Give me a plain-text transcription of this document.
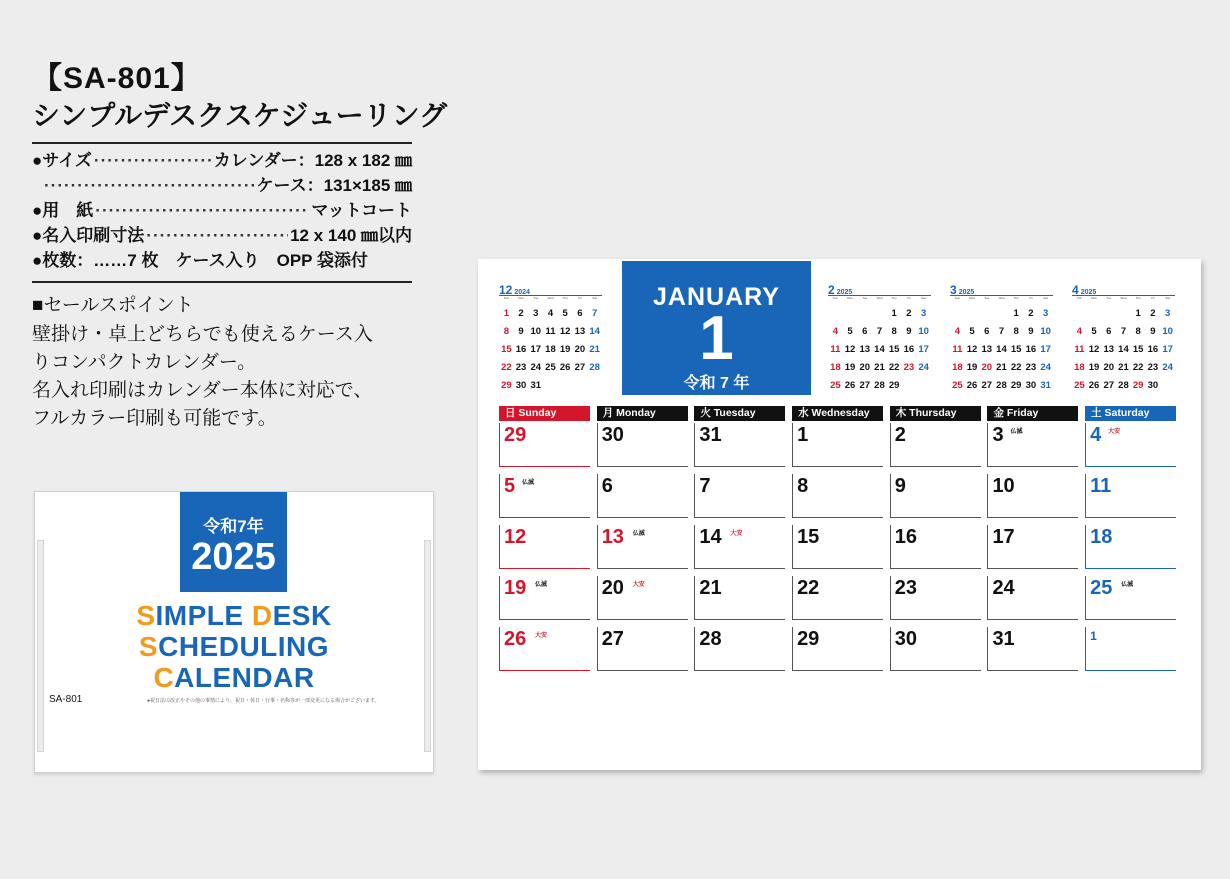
【SA-801】
シンプルデスクスケジューリング
●サイズ ·····	カレンダー：128 x 182 ㎜
·····
ケース：131×185 ㎜
●用　紙 ·····	マットコート
●名入印刷寸法 ·····	12 x 140 ㎜以内
●枚数： ……7 枚　ケース入り　OPP 袋添付
■セールスポイント
壁掛け・卓上どちらでも使えるケース入
りコンパクトカレンダー。
名入れ印刷はカレンダー本体に対応で、
フルカラー印刷も可能です。
令和7年
2025
SIMPLE DESK
SCHEDULING
CALENDAR
SA-801	●祝日法の改正やその他の事情により、祝日・休日・行事・名称等が一部変更になる場合がございます。
JANUARY
1
令和 7 年
12 2024
Sun	Mon	Tue	Wed	Thu	Fri	Sat
1	2	3	4	5	6	7
8	9	10	11	12	13	14
15	16	17	18	19	20	21
22	23	24	25	26	27	28
29	30	31				
2 2025
Sun	Mon	Tue	Wed	Thu	Fri	Sat
				1	2	3
4	5	6	7	8	9	10
11	12	13	14	15	16	17
18	19	20	21	22	23	24
25	26	27	28	29		
3 2025
Sun	Mon	Tue	Wed	Thu	Fri	Sat
				1	2	3
4	5	6	7	8	9	10
11	12	13	14	15	16	17
18	19	20	21	22	23	24
25	26	27	28	29	30	31
4 2025
Sun	Mon	Tue	Wed	Thu	Fri	Sat
				1	2	3
4	5	6	7	8	9	10
11	12	13	14	15	16	17
18	19	20	21	22	23	24
25	26	27	28	29	30	
日 Sunday	月 Monday	火 Tuesday	水 Wednesday	木 Thursday	金 Friday	土 Saturday
29	30	31	1	2	3 仏滅	4 大安
5 仏滅	6	7	8	9	10	11
12	13 仏滅	14 大安	15	16	17	18
19 仏滅	20 大安	21	22	23	24	25 仏滅
26 大安	27	28	29	30	31	1
